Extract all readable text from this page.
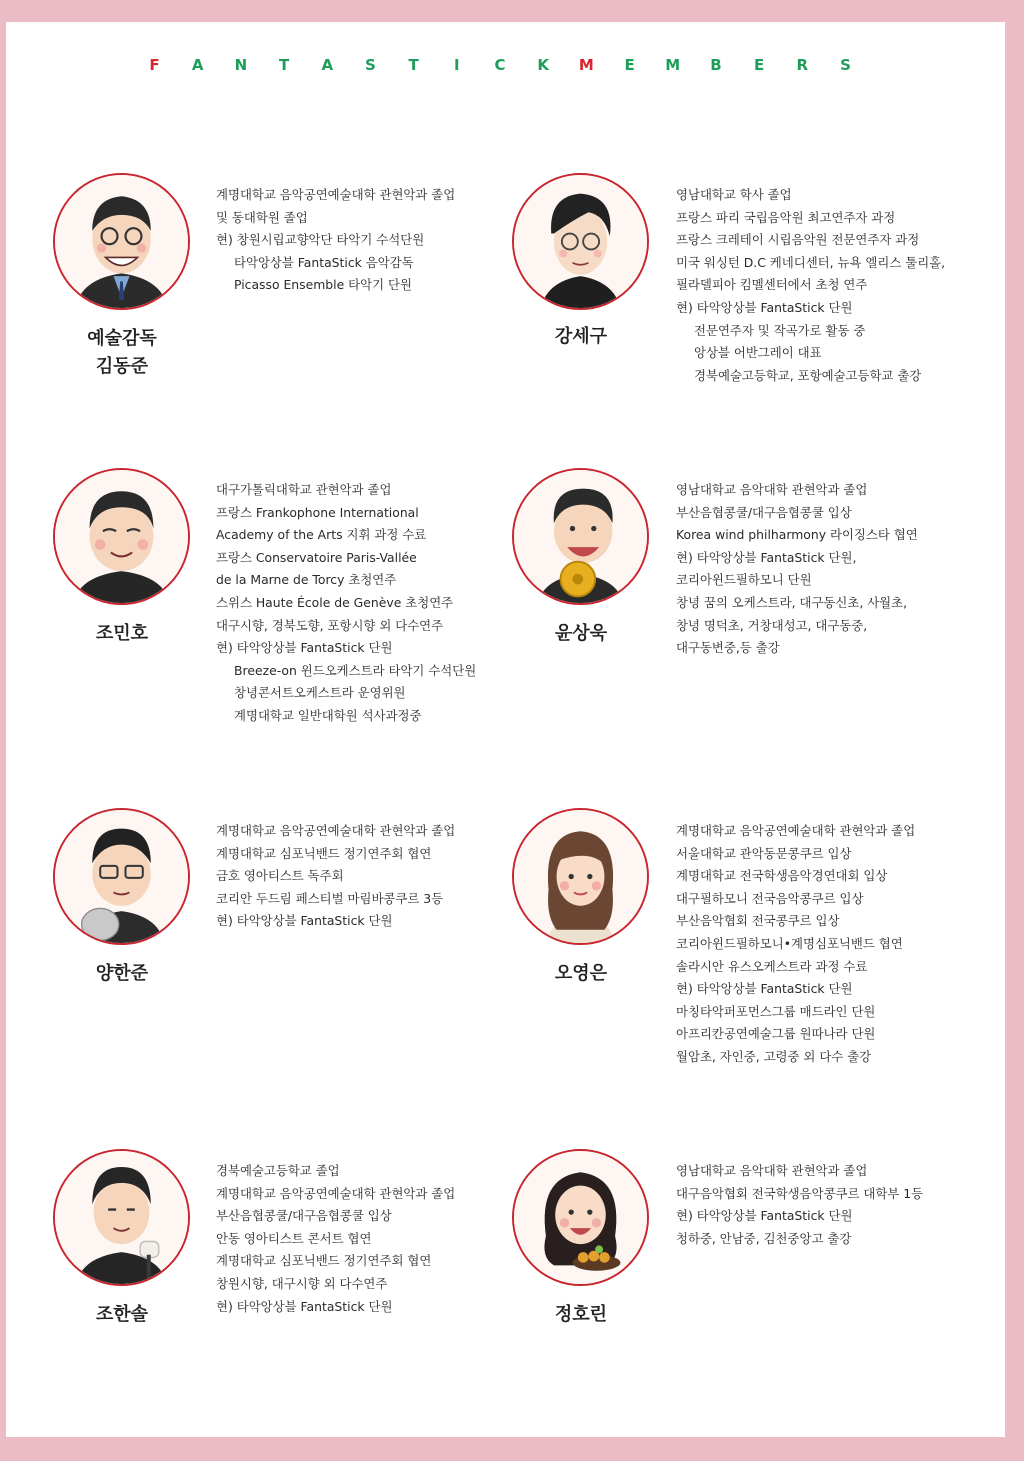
F	A	N	T	A	S	T	I	C	K	M	E	M	B	E	R	S
예술감독
김동준
계명대학교 음악공연예술대학 관현악과 졸업
및 동대학원 졸업
현) 창원시립교향악단 타악기 수석단원
타악앙상블 FantaStick 음악감독
Picasso Ensemble 타악기 단원
강세구
영남대학교 학사 졸업
프랑스 파리 국립음악원 최고연주자 과정
프랑스 크레테이 시립음악원 전문연주자 과정
미국 워싱턴 D.C 케네디센터, 뉴욕 엘리스 툴리홀,
필라델피아 킴멜센터에서 초청 연주
현) 타악앙상블 FantaStick 단원
전문연주자 및 작곡가로 활동 중
앙상블 어반그레이 대표
경북예술고등학교, 포항예술고등학교 출강
조민호
대구가톨릭대학교 관현악과 졸업
프랑스 Frankophone International
Academy of the Arts 지휘 과정 수료
프랑스 Conservatoire Paris-Vallée
de la Marne de Torcy 초청연주
스위스 Haute École de Genève 초청연주
대구시향, 경북도향, 포항시향 외 다수연주
현) 타악앙상블 FantaStick 단원
Breeze-on 윈드오케스트라 타악기 수석단원
창녕콘서트오케스트라 운영위원
계명대학교 일반대학원 석사과정중
윤상욱
영남대학교 음악대학 관현악과 졸업
부산음협콩쿨/대구음협콩쿨 입상
Korea wind philharmony 라이징스타 협연
현) 타악앙상블 FantaStick 단원,
코리아윈드필하모니 단원
창녕 꿈의 오케스트라, 대구동신초, 사월초,
창녕 명덕초, 거창대성고, 대구동중,
대구동변중,등 출강
양한준
계명대학교 음악공연예술대학 관현악과 졸업
계명대학교 심포닉밴드 정기연주회 협연
금호 영아티스트 독주회
코리안 두드림 페스티벌 마림바콩쿠르 3등
현) 타악앙상블 FantaStick 단원
오영은
계명대학교 음악공연예술대학 관현악과 졸업
서울대학교 관악동문콩쿠르 입상
계명대학교 전국학생음악경연대회 입상
대구필하모니 전국음악콩쿠르 입상
부산음악협회 전국콩쿠르 입상
코리아윈드필하모니•계명심포닉밴드 협연
솔라시안 유스오케스트라 과정 수료
현) 타악앙상블 FantaStick 단원
마칭타악퍼포먼스그룹 매드라인 단원
아프리칸공연예술그룹 원따나라 단원
월암초, 자인중, 고령중 외 다수 출강
조한솔
경북예술고등학교 졸업
계명대학교 음악공연예술대학 관현악과 졸업
부산음협콩쿨/대구음협콩쿨 입상
안동 영아티스트 콘서트 협연
계명대학교 심포닉밴드 정기연주회 협연
창원시향, 대구시향 외 다수연주
현) 타악앙상블 FantaStick 단원	정호린
영남대학교 음악대학 관현악과 졸업
대구음악협회 전국학생음악콩쿠르 대학부 1등
현) 타악앙상블 FantaStick 단원
청하중, 안남중, 김천중앙고 출강
